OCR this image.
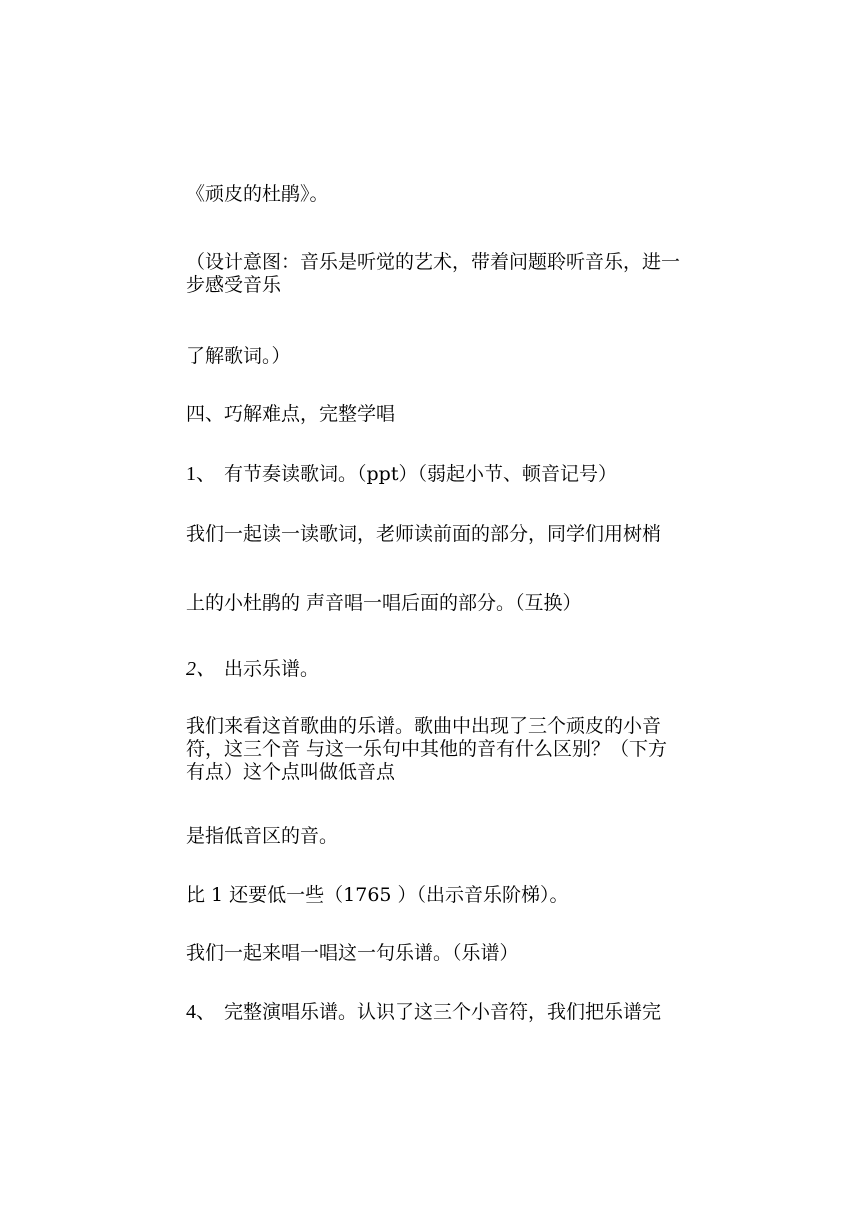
《顽皮的杜鹃》。
（设计意图：音乐是听觉的艺术，带着问题聆听音乐，进一步感受音乐
了解歌词。）
四、巧解难点，完整学唱
1、 有节奏读歌词。（ppt）（弱起小节、顿音记号）
我们一起读一读歌词，老师读前面的部分，同学们用树梢
上的小杜鹃的 声音唱一唱后面的部分。（互换）
2、 出示乐谱。
我们来看这首歌曲的乐谱。歌曲中出现了三个顽皮的小音符，这三个音 与这一乐句中其他的音有什么区别？（下方有点）这个点叫做低音点
是指低音区的音。
比 1 还要低一些（1765 ）（出示音乐阶梯）。
我们一起来唱一唱这一句乐谱。（乐谱）
4、 完整演唱乐谱。认识了这三个小音符，我们把乐谱完
